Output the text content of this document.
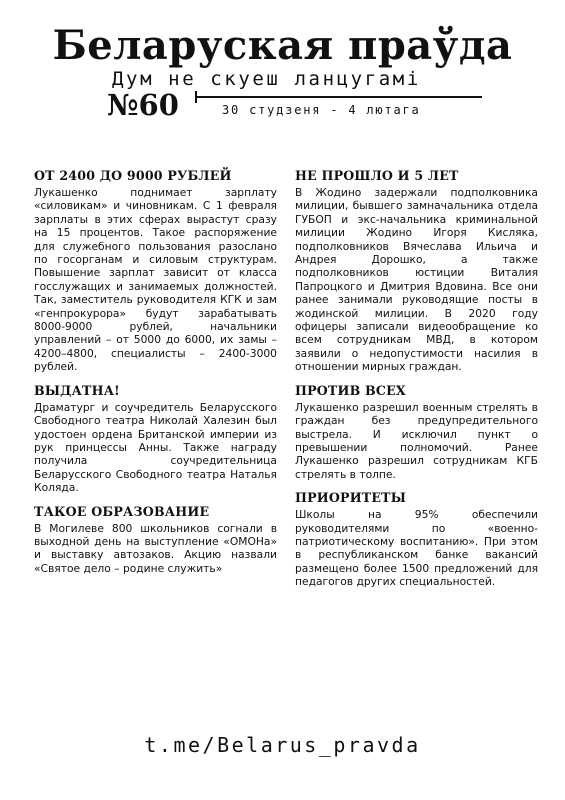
Беларуская праўда
Дум не скуеш ланцугамі
№60	30 студзеня - 4 лютага
ОТ 2400 ДО 9000 РУБЛЕЙ

Лукашенко поднимает зарплату «силовикам» и чиновникам. С 1 февраля зарплаты в этих сферах вырастут сразу на 15 процентов. Такое распоряжение для служебного пользования разослано по госорганам и силовым структурам. Повышение зарплат зависит от класса госслужащих и занимаемых должностей. Так, заместитель руководителя КГК и зам «генпрокурора» будут зарабатывать 8000-9000 рублей, начальники управлений – от 5000 до 6000, их замы – 4200–4800, специалисты – 2400-3000 рублей.

ВЫДАТНА!

Драматург и соучредитель Беларусского Свободного театра Николай Халезин был удостоен ордена Британской империи из рук принцессы Анны. Также награду получила соучредительница Беларусского Свободного театра Наталья Коляда.

ТАКОЕ ОБРАЗОВАНИЕ

В Могилеве 800 школьников согнали в выходной день на выступление «ОМОНа» и выставку автозаков. Акцию назвали «Святое дело – родине служить»

НЕ ПРОШЛО И 5 ЛЕТ

В Жодино задержали подполковника милиции, бывшего замначальника отдела ГУБОП и экс-начальника криминальной милиции Жодино Игоря Кисляка, подполковников Вячеслава Ильича и Андрея Дорошко, а также подполковников юстиции Виталия Папроцкого и Дмитрия Вдовина. Все они ранее занимали руководящие посты в жодинской милиции. В 2020 году офицеры записали видеообращение ко всем сотрудникам МВД, в котором заявили о недопустимости насилия в отношении мирных граждан.

ПРОТИВ ВСЕХ

Лукашенко разрешил военным стрелять в граждан без предупредительного выстрела. И исключил пункт о превышении полномочий. Ранее Лукашенко разрешил сотрудникам КГБ стрелять в толпе.

ПРИОРИТЕТЫ

Школы на 95% обеспечили руководителями по «военно-патриотическому воспитанию». При этом в республиканском банке вакансий размещено более 1500 предложений для педагогов других специальностей.

t.me/Belarus_pravda
